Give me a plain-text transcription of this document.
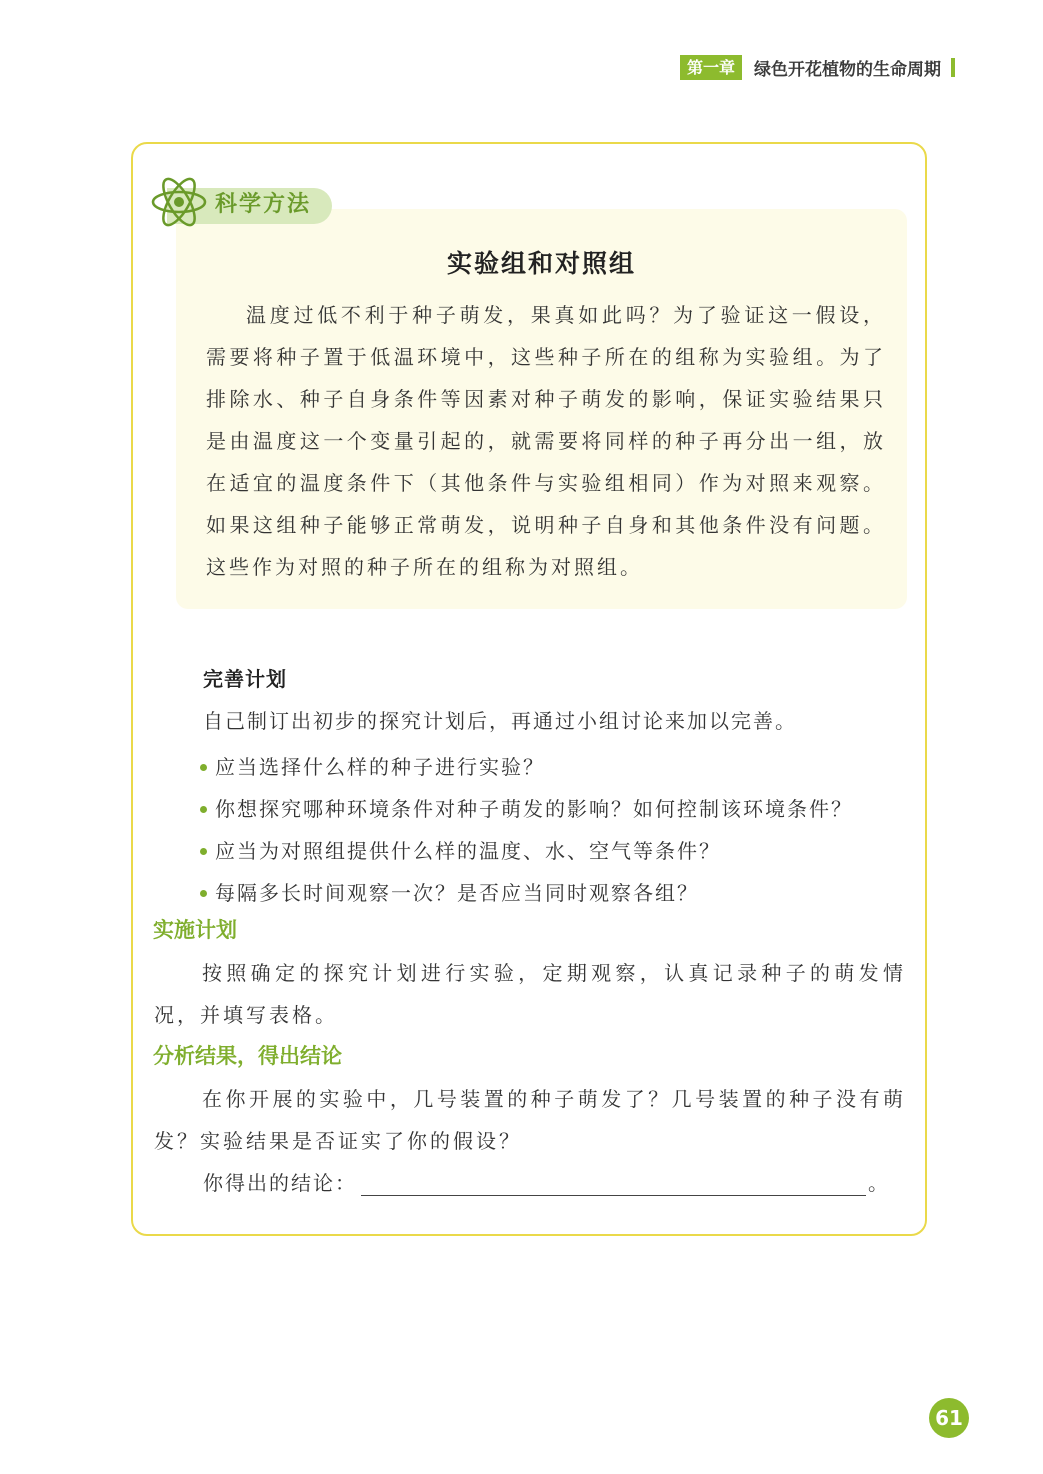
第一章	绿色开花植物的生命周期
科学方法
实验组和对照组

温度过低不利于种子萌发，果真如此吗？为了验证这一假设，需要将种子置于低温环境中，这些种子所在的组称为实验组。为了排除水、种子自身条件等因素对种子萌发的影响，保证实验结果只是由温度这一个变量引起的，就需要将同样的种子再分出一组，放在适宜的温度条件下（其他条件与实验组相同）作为对照来观察。如果这组种子能够正常萌发，说明种子自身和其他条件没有问题。这些作为对照的种子所在的组称为对照组。

完善计划

自己制订出初步的探究计划后，再通过小组讨论来加以完善。

应当选择什么样的种子进行实验？
你想探究哪种环境条件对种子萌发的影响？如何控制该环境条件？
应当为对照组提供什么样的温度、水、空气等条件？
每隔多长时间观察一次？是否应当同时观察各组？
实施计划

按照确定的探究计划进行实验，定期观察，认真记录种子的萌发情况，并填写表格。

分析结果，得出结论

在你开展的实验中，几号装置的种子萌发了？几号装置的种子没有萌发？实验结果是否证实了你的假设？

你得出的结论：	。
61
